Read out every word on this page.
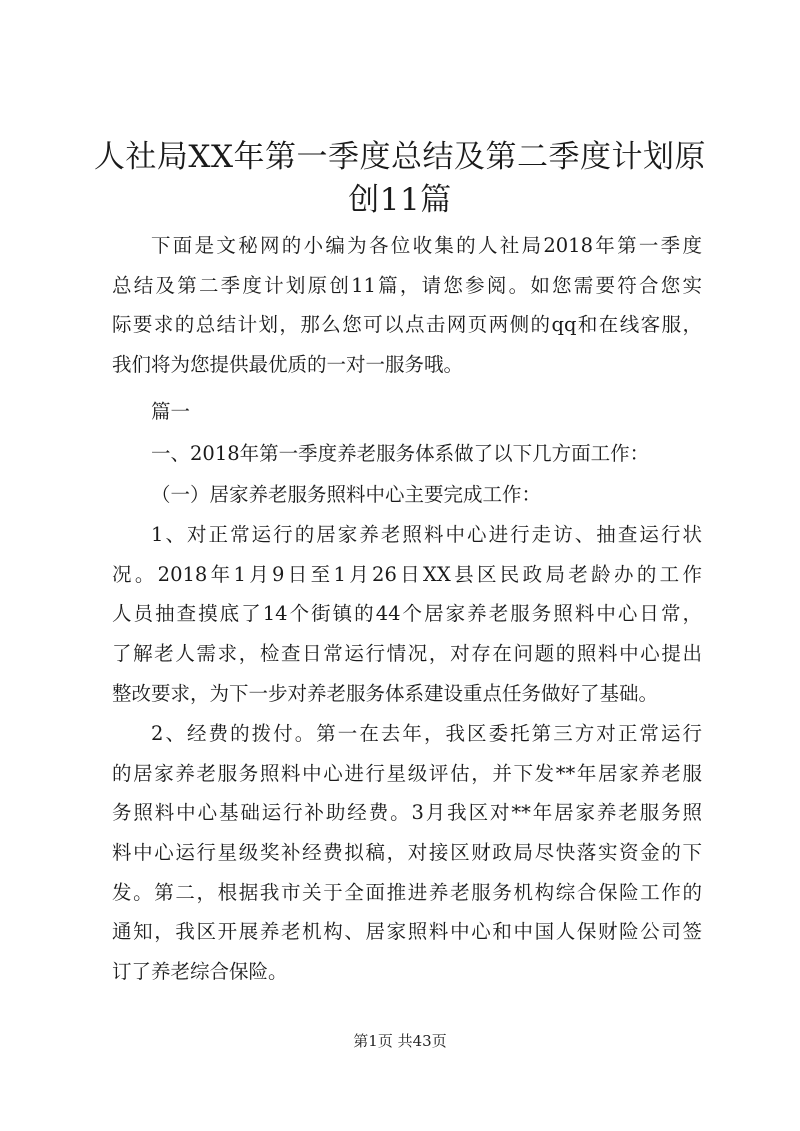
人社局XX年第一季度总结及第二季度计划原
创11篇
下面是文秘网的小编为各位收集的人社局2018年第一季度
总结及第二季度计划原创11篇，请您参阅。如您需要符合您实
际要求的总结计划，那么您可以点击网页两侧的qq和在线客服，
我们将为您提供最优质的一对一服务哦。
篇一
一、2018年第一季度养老服务体系做了以下几方面工作：
（一）居家养老服务照料中心主要完成工作：
1、对正常运行的居家养老照料中心进行走访、抽查运行状
况。2018年1月9日至1月26日XX县区民政局老龄办的工作
人员抽查摸底了14个街镇的44个居家养老服务照料中心日常，
了解老人需求，检查日常运行情况，对存在问题的照料中心提出
整改要求，为下一步对养老服务体系建设重点任务做好了基础。
2、经费的拨付。第一在去年，我区委托第三方对正常运行
的居家养老服务照料中心进行星级评估，并下发**年居家养老服
务照料中心基础运行补助经费。3月我区对**年居家养老服务照
料中心运行星级奖补经费拟稿，对接区财政局尽快落实资金的下
发。第二，根据我市关于全面推进养老服务机构综合保险工作的
通知，我区开展养老机构、居家照料中心和中国人保财险公司签
订了养老综合保险。
第1页 共43页
